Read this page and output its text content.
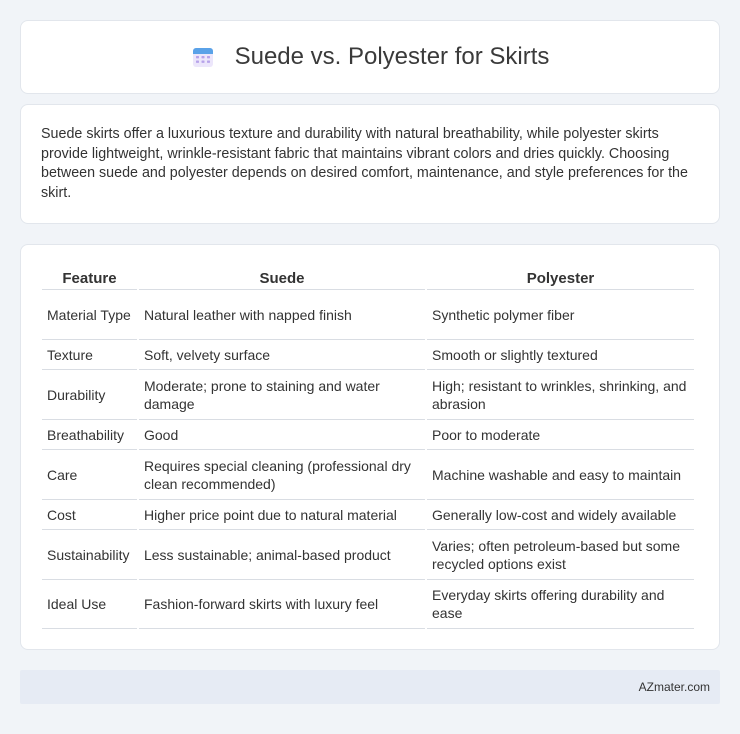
Suede vs. Polyester for Skirts

Suede skirts offer a luxurious texture and durability with natural breathability, while polyester skirts provide lightweight, wrinkle-resistant fabric that maintains vibrant colors and dries quickly. Choosing between suede and polyester depends on desired comfort, maintenance, and style preferences for the skirt.

Feature	Suede	Polyester
Material Type	Natural leather with napped finish	Synthetic polymer fiber
Texture	Soft, velvety surface	Smooth or slightly textured
Durability	Moderate; prone to staining and water damage	High; resistant to wrinkles, shrinking, and abrasion
Breathability	Good	Poor to moderate
Care	Requires special cleaning (professional dry clean recommended)	Machine washable and easy to maintain
Cost	Higher price point due to natural material	Generally low-cost and widely available
Sustainability	Less sustainable; animal-based product	Varies; often petroleum-based but some recycled options exist
Ideal Use	Fashion-forward skirts with luxury feel	Everyday skirts offering durability and ease
AZmater.com
